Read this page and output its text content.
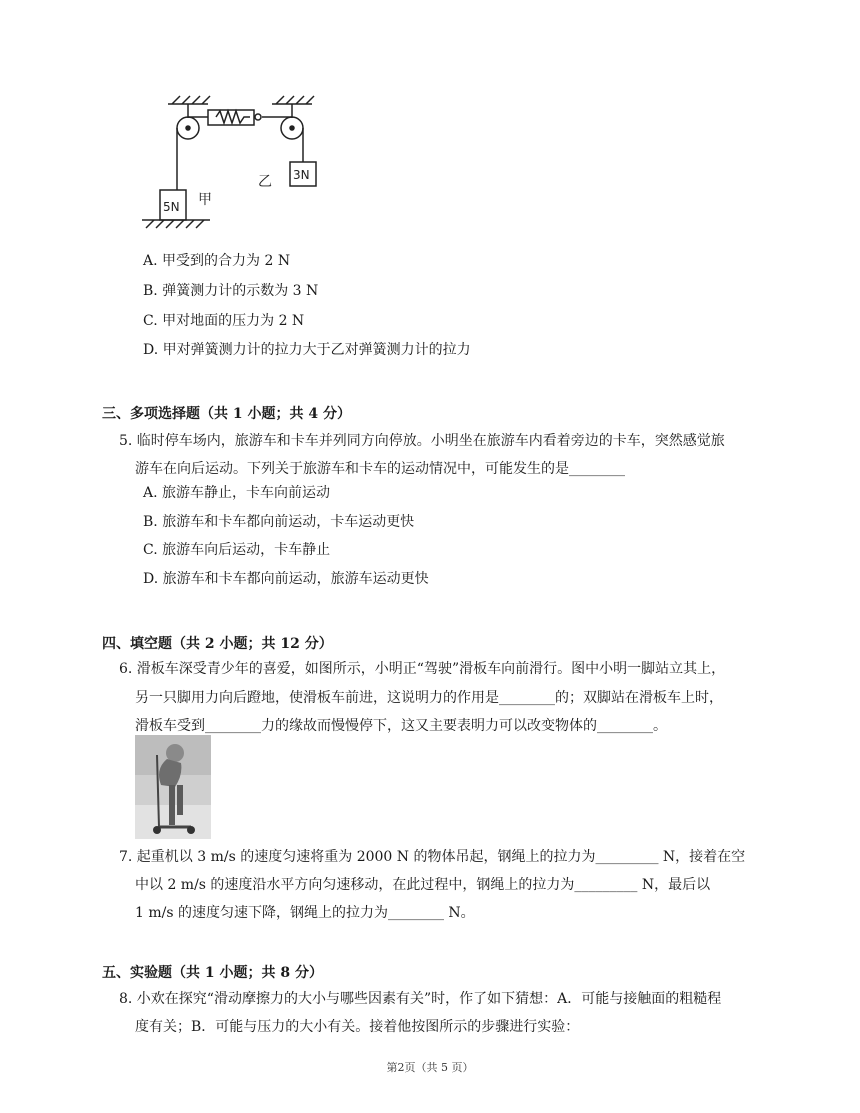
5N 甲
3N
乙
A. 甲受到的合力为 2 N
B. 弹簧测力计的示数为 3 N
C. 甲对地面的压力为 2 N
D. 甲对弹簧测力计的拉力大于乙对弹簧测力计的拉力
三、多项选择题（共 1 小题；共 4 分）
5. 临时停车场内，旅游车和卡车并列同方向停放。小明坐在旅游车内看着旁边的卡车，突然感觉旅
游车在向后运动。下列关于旅游车和卡车的运动情况中，可能发生的是________
A. 旅游车静止，卡车向前运动
B. 旅游车和卡车都向前运动，卡车运动更快
C. 旅游车向后运动，卡车静止
D. 旅游车和卡车都向前运动，旅游车运动更快
四、填空题（共 2 小题；共 12 分）
6. 滑板车深受青少年的喜爱，如图所示，小明正“驾驶”滑板车向前滑行。图中小明一脚站立其上，
另一只脚用力向后蹬地，使滑板车前进，这说明力的作用是________的；双脚站在滑板车上时，
滑板车受到________力的缘故而慢慢停下，这又主要表明力可以改变物体的________。
7. 起重机以 3 m/s 的速度匀速将重为 2000 N 的物体吊起，钢绳上的拉力为_________ N，接着在空
中以 2 m/s 的速度沿水平方向匀速移动，在此过程中，钢绳上的拉力为_________ N，最后以
1 m/s 的速度匀速下降，钢绳上的拉力为________ N。
五、实验题（共 1 小题；共 8 分）
8. 小欢在探究“滑动摩擦力的大小与哪些因素有关”时，作了如下猜想：A．可能与接触面的粗糙程
度有关；B．可能与压力的大小有关。接着他按图所示的步骤进行实验：
第2页（共 5 页）
